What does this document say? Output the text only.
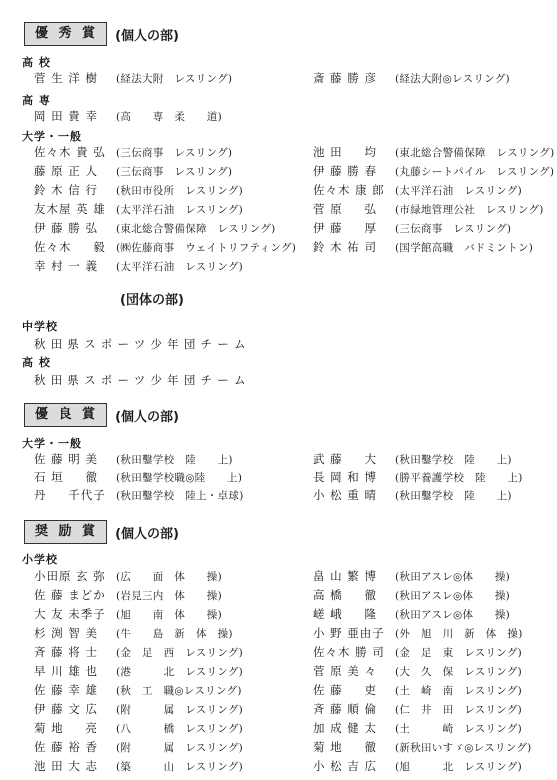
優 秀 賞	(個人の部)
高 校
菅 生 洋 樹 (経法大附　レスリング)	斎 藤 勝 彦 (経法大附◎レスリング)
高 専
岡 田 貴 幸 (高　　専　柔　　道)
大学・一般
佐々木 貴 弘 (三伝商事　レスリング)	池 田 　 均 (東北総合警備保障　レスリング)
藤 原 正 人 (三伝商事　レスリング)	伊 藤 勝 春 (丸藤シートパイル　レスリング)
鈴 木 信 行 (秋田市役所　レスリング)	佐々木 康 郎 (太平洋石油　レスリング)
友木屋 英 雄 (太平洋石油　レスリング)	菅 原 　 弘 (市緑地管理公社　レスリング)
伊 藤 勝 弘 (東北総合警備保障　レスリング)	伊 藤 　 厚 (三伝商事　レスリング)
佐々木 　 毅 (㈱佐藤商事　ウェイトリフティング) 鈴 木 祐 司 (国学館高職　バドミントン)
幸 村 一 義 (太平洋石油　レスリング)
(団体の部)
中学校
秋田県スポーツ少年団チーム
高 校
秋田県スポーツ少年団チーム
優 良 賞	(個人の部)
大学・一般
佐 藤 明 美 (秋田鑿学校　陸　　上)	武 藤 　 大 (秋田鑿学校　陸　　上)
石 垣 　 徹 (秋田鑿学校職◎陸　　上)	長 岡 和 博 (勝平養護学校　陸　　上)
丹 　 千代子 (秋田鑿学校　陸上・卓球)	小 松 重 晴 (秋田鑿学校　陸　　上)
奨 励 賞	(個人の部)
小学校
小田原 玄 弥 (広　　面　体　　操)	畠 山 繁 博 (秋田アスレ◎体　　操)
佐 藤 まどか (岩見三内　体　　操)	高 橋 　 徹 (秋田アスレ◎体　　操)
大 友 未季子 (旭　　南　体　　操)	嵯 峨 　 隆 (秋田アスレ◎体　　操)
杉 渕 智 美 (牛　　島　新　体　操)	小 野 亜由子 (外　旭　川　新　体　操)
斉 藤 将 士 (金　足　西　レスリング)	佐々木 勝 司 (金　足　東　レスリング)
早 川 雄 也 (港　　　北　レスリング)	菅 原 美 々 (大　久　保　レスリング)
佐 藤 幸 雄 (秋　工　職◎レスリング)	佐 藤 　 吏 (土　崎　南　レスリング)
伊 藤 文 広 (附　　　属　レスリング)	斉 藤 順 倫 (仁　井　田　レスリング)
菊 地 　 亮 (八　　　橋　レスリング)	加 成 健 太 (土　　　崎　レスリング)
佐 藤 裕 香 (附　　　属　レスリング)	菊 地 　 徹 (新秋田いすゞ◎レスリング)
池 田 大 志 (築　　　山　レスリング)	小 松 吉 広 (旭　　　北　レスリング)
